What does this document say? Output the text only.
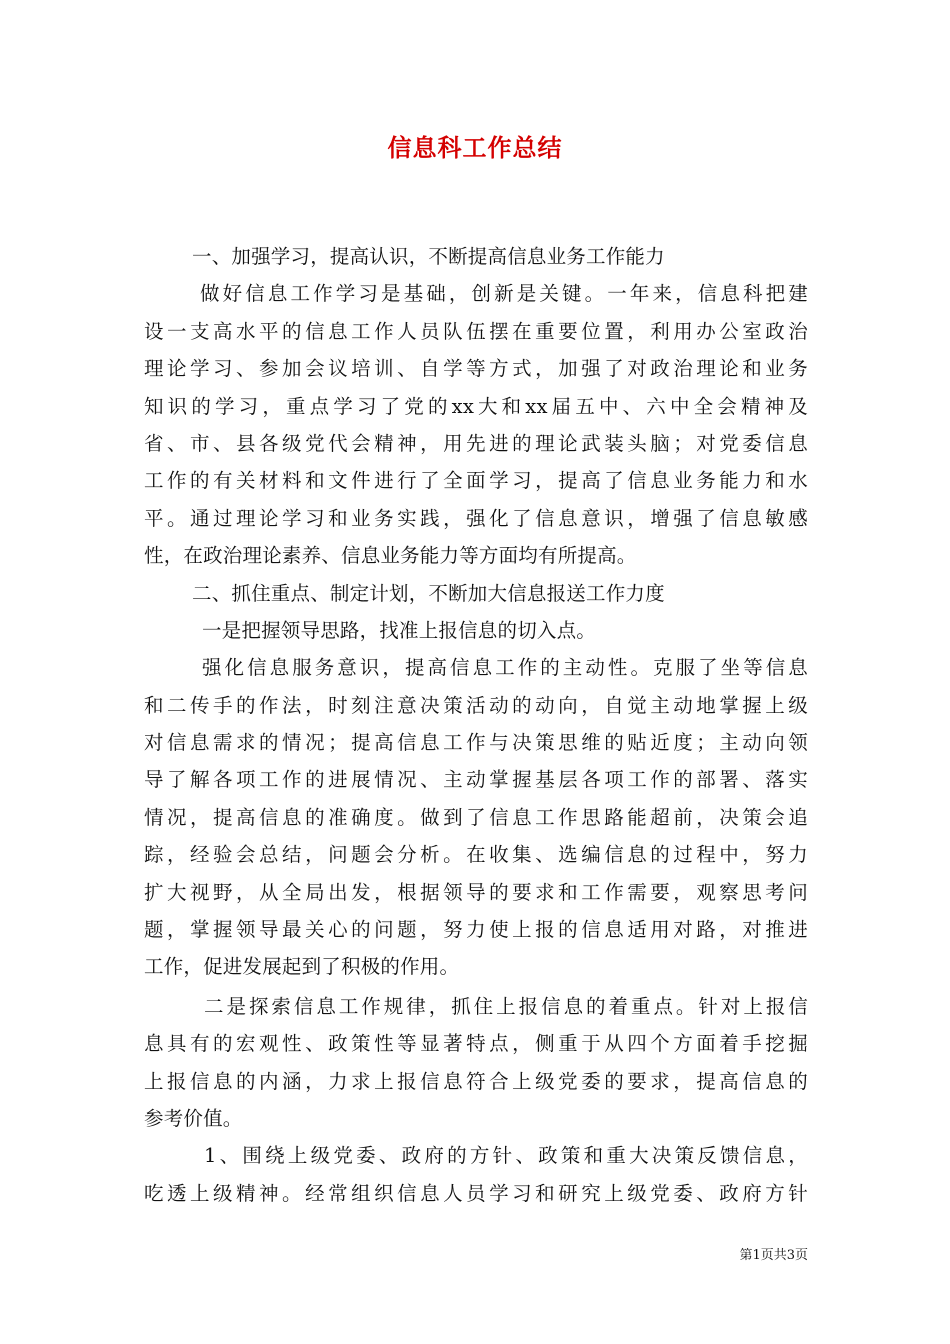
信息科工作总结
一、加强学习，提高认识，不断提高信息业务工作能力
做好信息工作学习是基础，创新是关键。一年来，信息科把建
设一支高水平的信息工作人员队伍摆在重要位置，利用办公室政治
理论学习、参加会议培训、自学等方式，加强了对政治理论和业务
知识的学习，重点学习了党的xx大和xx届五中、六中全会精神及
省、市、县各级党代会精神，用先进的理论武装头脑；对党委信息
工作的有关材料和文件进行了全面学习，提高了信息业务能力和水
平。通过理论学习和业务实践，强化了信息意识，增强了信息敏感
性，在政治理论素养、信息业务能力等方面均有所提高。
二、抓住重点、制定计划，不断加大信息报送工作力度
一是把握领导思路，找准上报信息的切入点。
强化信息服务意识，提高信息工作的主动性。克服了坐等信息
和二传手的作法，时刻注意决策活动的动向，自觉主动地掌握上级
对信息需求的情况；提高信息工作与决策思维的贴近度；主动向领
导了解各项工作的进展情况、主动掌握基层各项工作的部署、落实
情况，提高信息的准确度。做到了信息工作思路能超前，决策会追
踪，经验会总结，问题会分析。在收集、选编信息的过程中，努力
扩大视野，从全局出发，根据领导的要求和工作需要，观察思考问
题，掌握领导最关心的问题，努力使上报的信息适用对路，对推进
工作，促进发展起到了积极的作用。
二是探索信息工作规律，抓住上报信息的着重点。针对上报信
息具有的宏观性、政策性等显著特点，侧重于从四个方面着手挖掘
上报信息的内涵，力求上报信息符合上级党委的要求，提高信息的
参考价值。
1、围绕上级党委、政府的方针、政策和重大决策反馈信息，
吃透上级精神。经常组织信息人员学习和研究上级党委、政府方针
第1页共3页
